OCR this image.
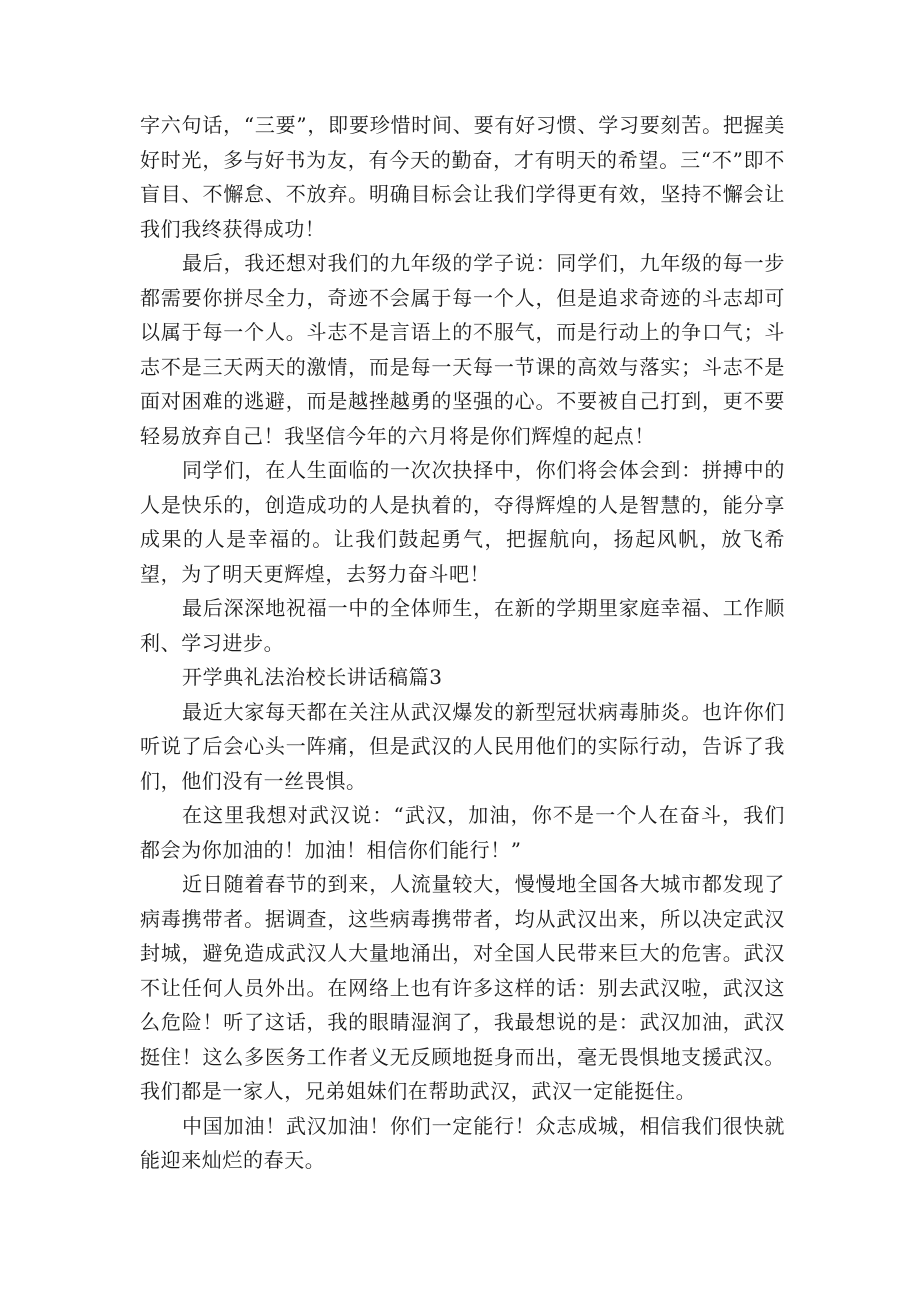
字六句话，“三要”，即要珍惜时间、要有好习惯、学习要刻苦。把握美好时光，多与好书为友，有今天的勤奋，才有明天的希望。三“不”即不盲目、不懈怠、不放弃。明确目标会让我们学得更有效，坚持不懈会让我们我终获得成功！

最后，我还想对我们的九年级的学子说：同学们，九年级的每一步都需要你拼尽全力，奇迹不会属于每一个人，但是追求奇迹的斗志却可以属于每一个人。斗志不是言语上的不服气，而是行动上的争口气；斗志不是三天两天的激情，而是每一天每一节课的高效与落实；斗志不是面对困难的逃避，而是越挫越勇的坚强的心。不要被自己打到，更不要轻易放弃自己！我坚信今年的六月将是你们辉煌的起点！

同学们，在人生面临的一次次抉择中，你们将会体会到：拼搏中的人是快乐的，创造成功的人是执着的，夺得辉煌的人是智慧的，能分享成果的人是幸福的。让我们鼓起勇气，把握航向，扬起风帆，放飞希望，为了明天更辉煌，去努力奋斗吧！

最后深深地祝福一中的全体师生，在新的学期里家庭幸福、工作顺利、学习进步。

开学典礼法治校长讲话稿篇3

最近大家每天都在关注从武汉爆发的新型冠状病毒肺炎。也许你们听说了后会心头一阵痛，但是武汉的人民用他们的实际行动，告诉了我们，他们没有一丝畏惧。

在这里我想对武汉说：“武汉，加油，你不是一个人在奋斗，我们都会为你加油的！加油！相信你们能行！”

近日随着春节的到来，人流量较大，慢慢地全国各大城市都发现了病毒携带者。据调查，这些病毒携带者，均从武汉出来，所以决定武汉封城，避免造成武汉人大量地涌出，对全国人民带来巨大的危害。武汉不让任何人员外出。在网络上也有许多这样的话：别去武汉啦，武汉这么危险！听了这话，我的眼睛湿润了，我最想说的是：武汉加油，武汉挺住！这么多医务工作者义无反顾地挺身而出，毫无畏惧地支援武汉。我们都是一家人，兄弟姐妹们在帮助武汉，武汉一定能挺住。

中国加油！武汉加油！你们一定能行！众志成城，相信我们很快就能迎来灿烂的春天。
